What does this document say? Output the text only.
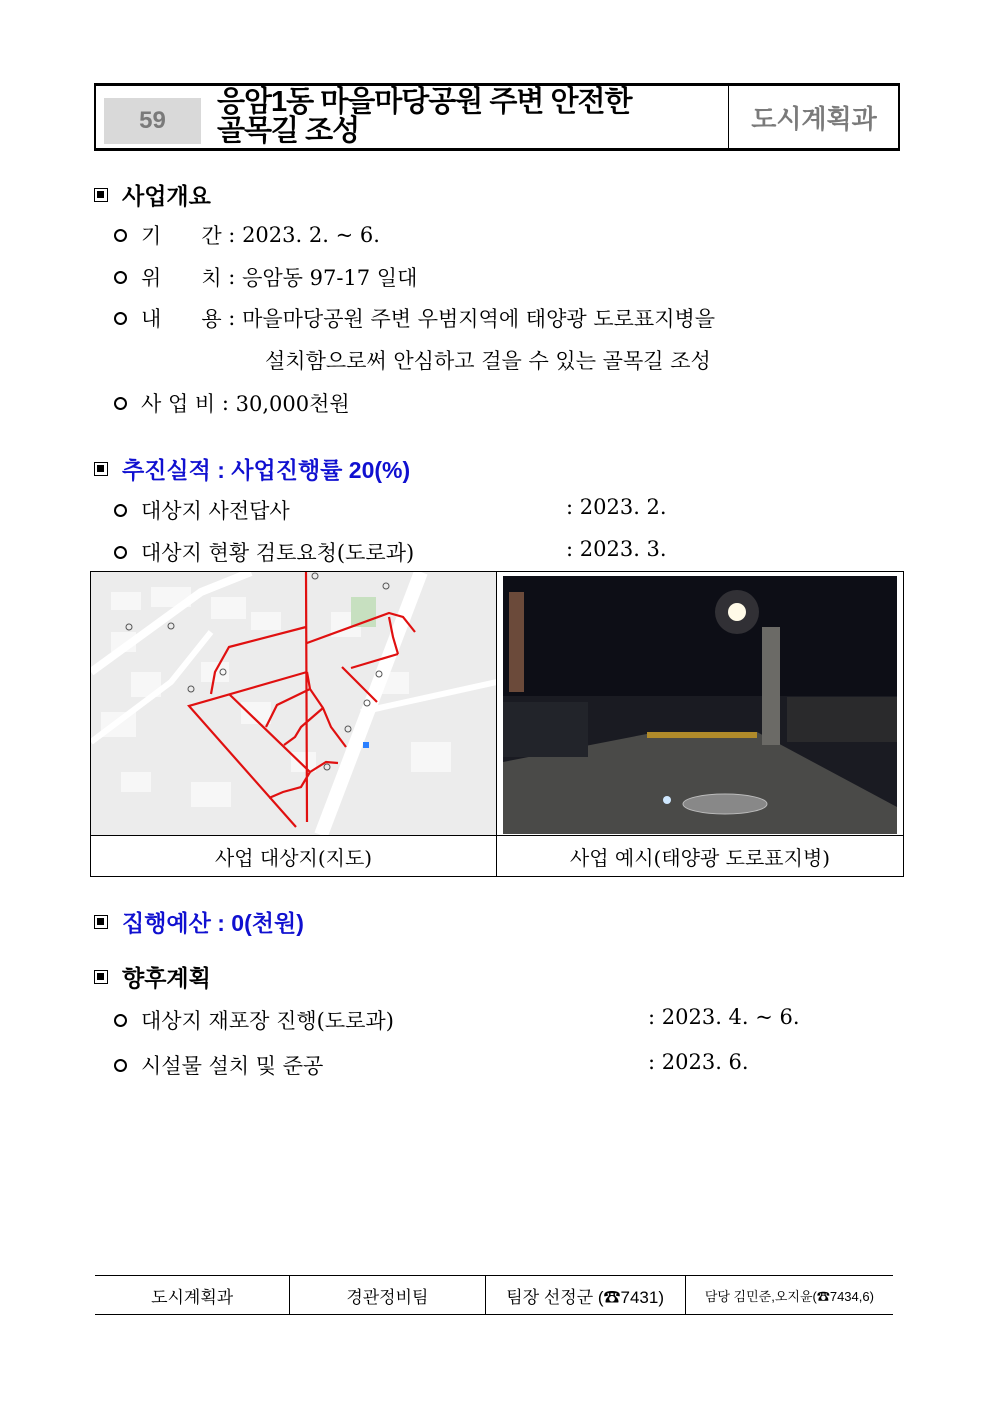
59
응암1동 마을마당공원 주변 안전한
골목길 조성	도시계획과
사업개요
기      간 : 2023. 2. ~ 6.
위      치 : 응암동 97-17 일대
내      용 : 마을마당공원 주변 우범지역에 태양광 도로표지병을
설치함으로써 안심하고 걸을 수 있는 골목길 조성
사 업 비 : 30,000천원
추진실적 : 사업진행률 20(%)
대상지 사전답사	: 2023. 2.
대상지 현황 검토요청(도로과)	: 2023. 3.
사업 대상지(지도)	사업 예시(태양광 도로표지병)
집행예산 : 0(천원)
향후계획
대상지 재포장 진행(도로과)	: 2023. 4. ~ 6.
시설물 설치 및 준공	: 2023. 6.
도시계획과	경관정비팀	팀장 선정군 (☎7431)	담당 김민준,오지윤(☎7434,6)
